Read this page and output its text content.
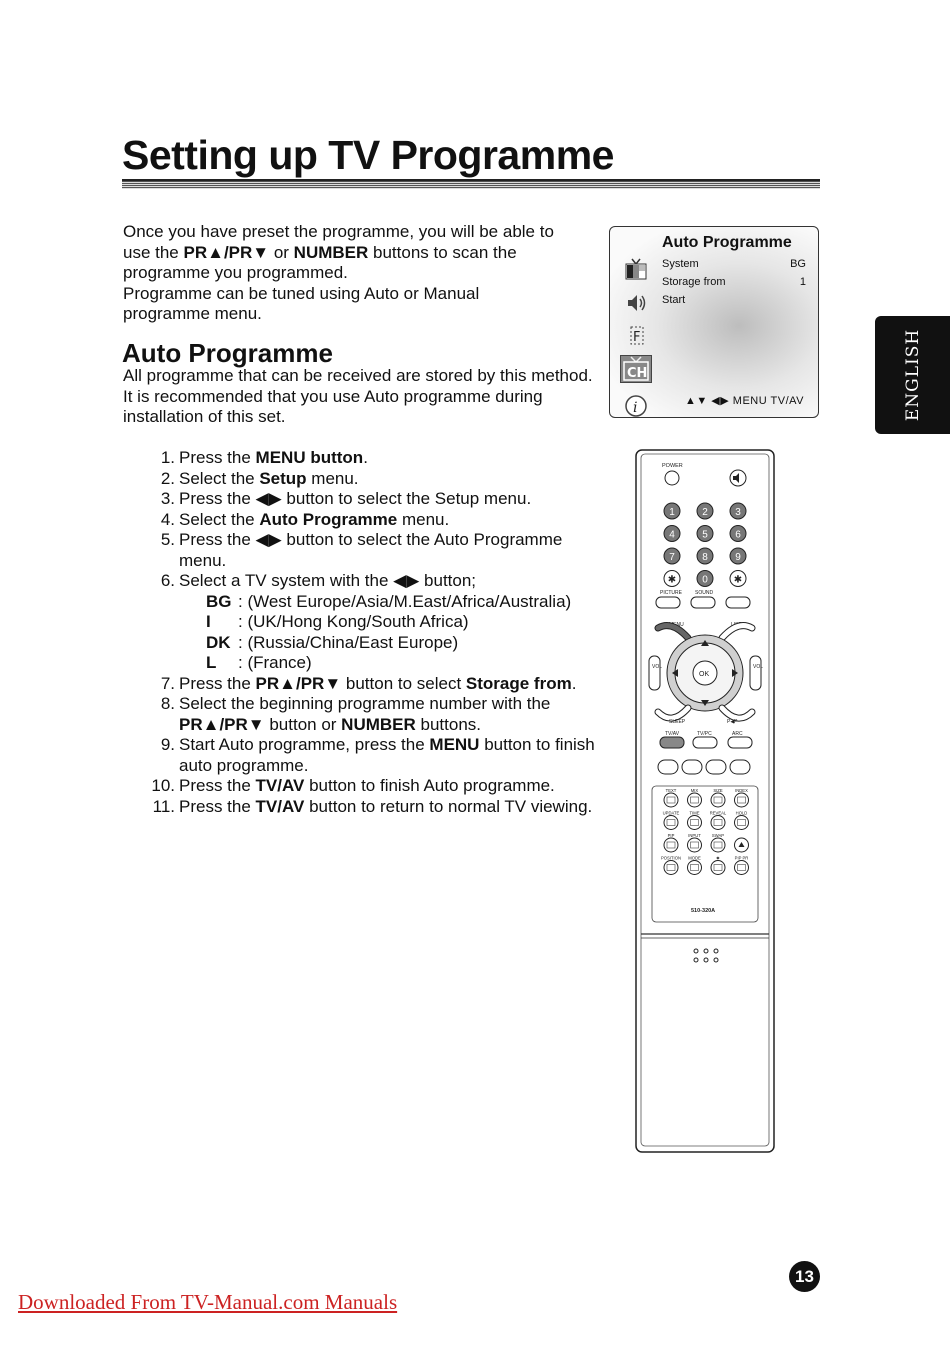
Setting up TV Programme

Once you have preset the programme, you will be able to

use the PR▲/PR▼ or NUMBER buttons to scan the

programme you programmed.

Programme can be tuned using Auto or Manual

programme menu.

Auto Programme

All programme that can be received are stored by this method. It is recommended that you use Auto programme during installation of this set.

1. Press the MENU button.
2. Select the Setup menu.
3. Press the ◀▶ button to select the Setup menu.
4. Select the Auto Programme menu.
5. Press the ◀▶ button to select the Auto Programme menu.
6. Select a TV system with the ◀▶ button;
BG : (West Europe/Asia/M.East/Africa/Australia)
I	: (UK/Hong Kong/South Africa)
DK : (Russia/China/East Europe)
L	: (France)
7. Press the PR▲/PR▼ button to select Storage from.
8. Select the beginning programme number with the PR▲/PR▼ button or NUMBER buttons.
9. Start Auto programme, press the MENU button to finish auto programme.
10. Press the TV/AV button to finish Auto programme.
11. Press the TV/AV button to return to normal TV viewing.
F
CH
i
Auto Programme
System	BG
Storage from	1
Start
▲▼ ◀▶ MENU TV/AV	ENGLISH
POWER
1	2	3
4	5	6
7	8	9
✱	0	✱
PICTURE	SOUND
MENU	LIST
OK
VOL	VOL
SLEEP	P◀P
TV/AV	TV/PC	ARC
TEXT	MIX	SIZE	INDEX
UPDATE TIME REVEAL HOLD
PIP	INPUT	SWAP
POSITION MODE	✱	PIP PR
510-320A
13
Downloaded From TV-Manual.com Manuals
